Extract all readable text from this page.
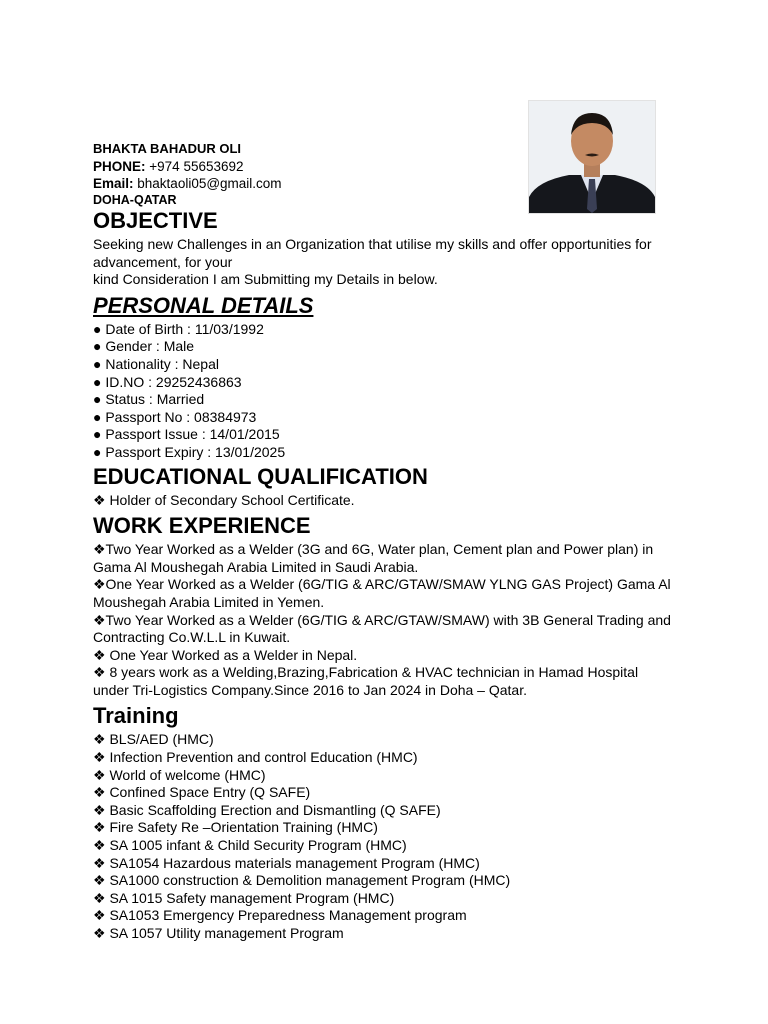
BHAKTA BAHADUR OLI

PHONE: +974 55653692

Email: bhaktaoli05@gmail.com

DOHA-QATAR

OBJECTIVE

Seeking new Challenges in an Organization that utilise my skills and offer opportunities for advancement, for your

kind Consideration I am Submitting my Details in below.

PERSONAL DETAILS
● Date of Birth : 11/03/1992
● Gender : Male
● Nationality : Nepal
● ID.NO : 29252436863
● Status : Married
● Passport No : 08384973
● Passport Issue : 14/01/2015
● Passport Expiry : 13/01/2025
EDUCATIONAL QUALIFICATION
❖ Holder of Secondary School Certificate.
WORK EXPERIENCE
❖Two Year Worked as a Welder (3G and 6G, Water plan, Cement plan and Power plan) in Gama Al Moushegah Arabia Limited in Saudi Arabia.
❖One Year Worked as a Welder (6G/TIG & ARC/GTAW/SMAW YLNG GAS Project) Gama Al Moushegah Arabia Limited in Yemen.
❖Two Year Worked as a Welder (6G/TIG & ARC/GTAW/SMAW) with 3B General Trading and Contracting Co.W.L.L in Kuwait.
❖ One Year Worked as a Welder in Nepal.
❖ 8 years work as a Welding,Brazing,Fabrication & HVAC technician in Hamad Hospital under Tri-Logistics Company.Since 2016 to Jan 2024 in Doha – Qatar.
Training
❖ BLS/AED (HMC)
❖ Infection Prevention and control Education (HMC)
❖ World of welcome (HMC)
❖ Confined Space Entry (Q SAFE)
❖ Basic Scaffolding Erection and Dismantling (Q SAFE)
❖ Fire Safety Re –Orientation Training (HMC)
❖ SA 1005 infant & Child Security Program (HMC)
❖ SA1054 Hazardous materials management Program (HMC)
❖ SA1000 construction & Demolition management Program (HMC)
❖ SA 1015 Safety management Program (HMC)
❖ SA1053 Emergency Preparedness Management program
❖ SA 1057 Utility management Program
